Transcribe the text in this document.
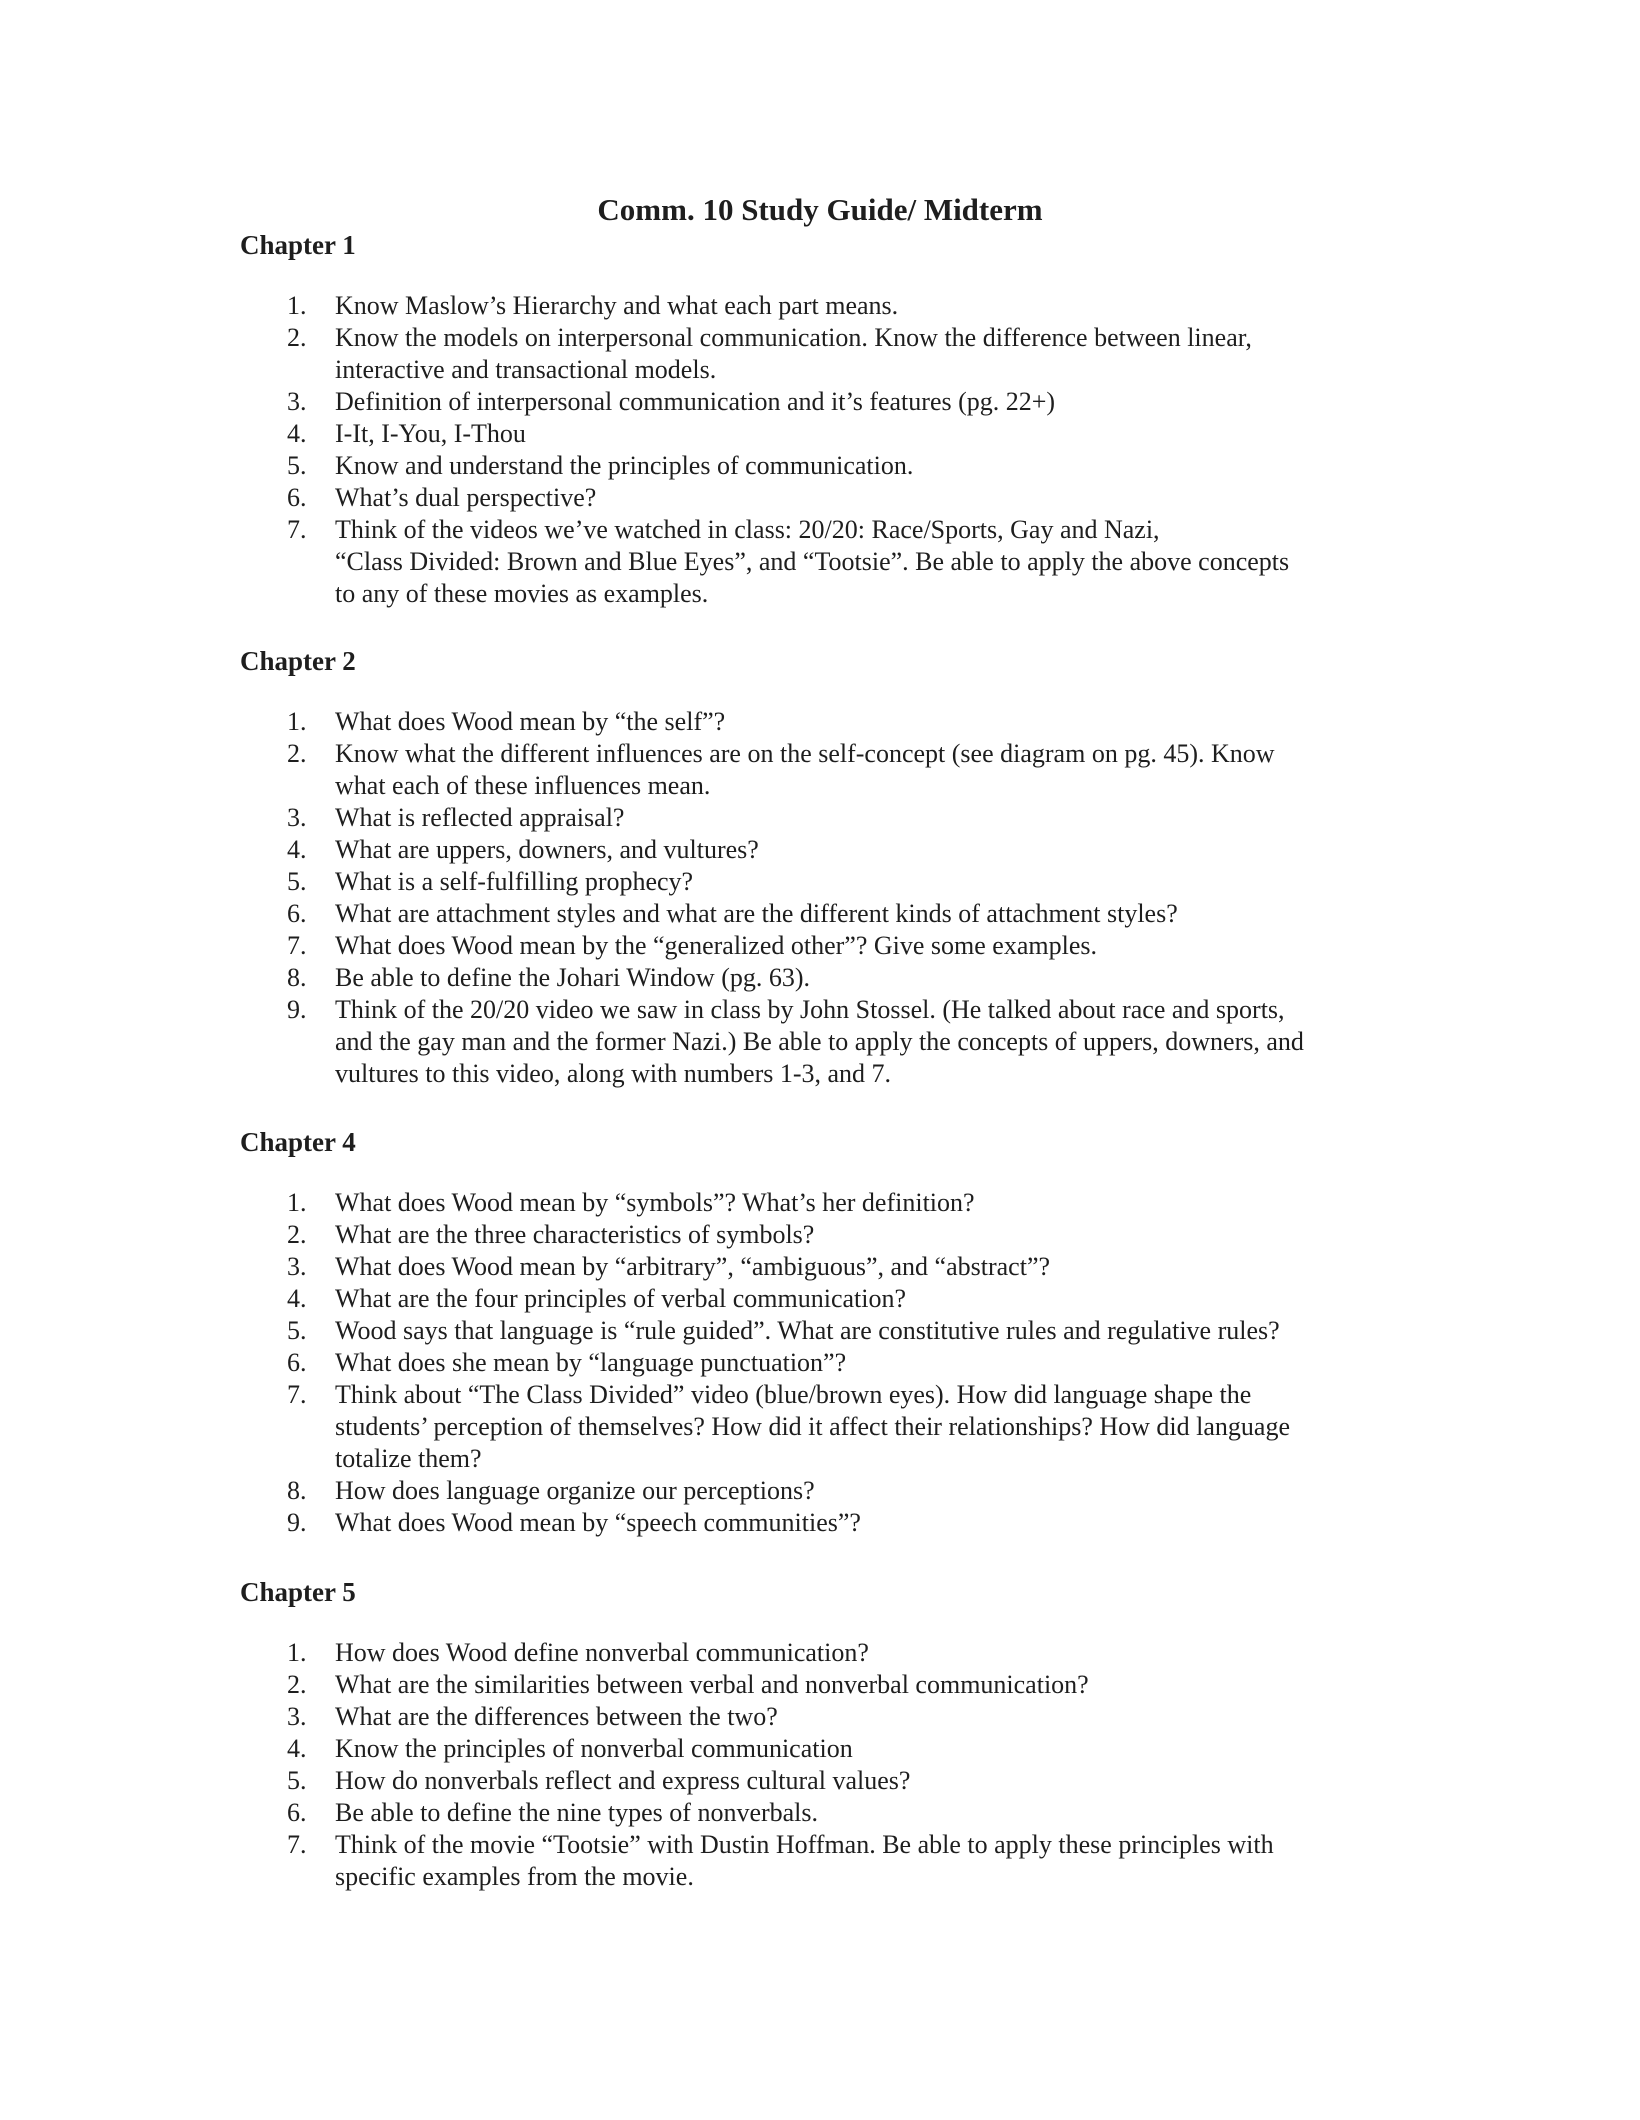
Comm. 10 Study Guide/ Midterm
Chapter 1
1. Know Maslow’s Hierarchy and what each part means.
2. Know the models on interpersonal communication. Know the difference between linear,
interactive and transactional models.
3. Definition of interpersonal communication and it’s features (pg. 22+)
4. I-It, I-You, I-Thou
5. Know and understand the principles of communication.
6. What’s dual perspective?
7. Think of the videos we’ve watched in class: 20/20: Race/Sports, Gay and Nazi,
“Class Divided: Brown and Blue Eyes”, and “Tootsie”. Be able to apply the above concepts
to any of these movies as examples.
Chapter 2
1. What does Wood mean by “the self”?
2. Know what the different influences are on the self-concept (see diagram on pg. 45). Know
what each of these influences mean.
3. What is reflected appraisal?
4. What are uppers, downers, and vultures?
5. What is a self-fulfilling prophecy?
6. What are attachment styles and what are the different kinds of attachment styles?
7. What does Wood mean by the “generalized other”? Give some examples.
8. Be able to define the Johari Window (pg. 63).
9. Think of the 20/20 video we saw in class by John Stossel. (He talked about race and sports,
and the gay man and the former Nazi.) Be able to apply the concepts of uppers, downers, and
vultures to this video, along with numbers 1-3, and 7.
Chapter 4
1. What does Wood mean by “symbols”? What’s her definition?
2. What are the three characteristics of symbols?
3. What does Wood mean by “arbitrary”, “ambiguous”, and “abstract”?
4. What are the four principles of verbal communication?
5. Wood says that language is “rule guided”. What are constitutive rules and regulative rules?
6. What does she mean by “language punctuation”?
7. Think about “The Class Divided” video (blue/brown eyes). How did language shape the
students’ perception of themselves? How did it affect their relationships? How did language
totalize them?
8. How does language organize our perceptions?
9. What does Wood mean by “speech communities”?
Chapter 5
1. How does Wood define nonverbal communication?
2. What are the similarities between verbal and nonverbal communication?
3. What are the differences between the two?
4. Know the principles of nonverbal communication
5. How do nonverbals reflect and express cultural values?
6. Be able to define the nine types of nonverbals.
7. Think of the movie “Tootsie” with Dustin Hoffman. Be able to apply these principles with
specific examples from the movie.
